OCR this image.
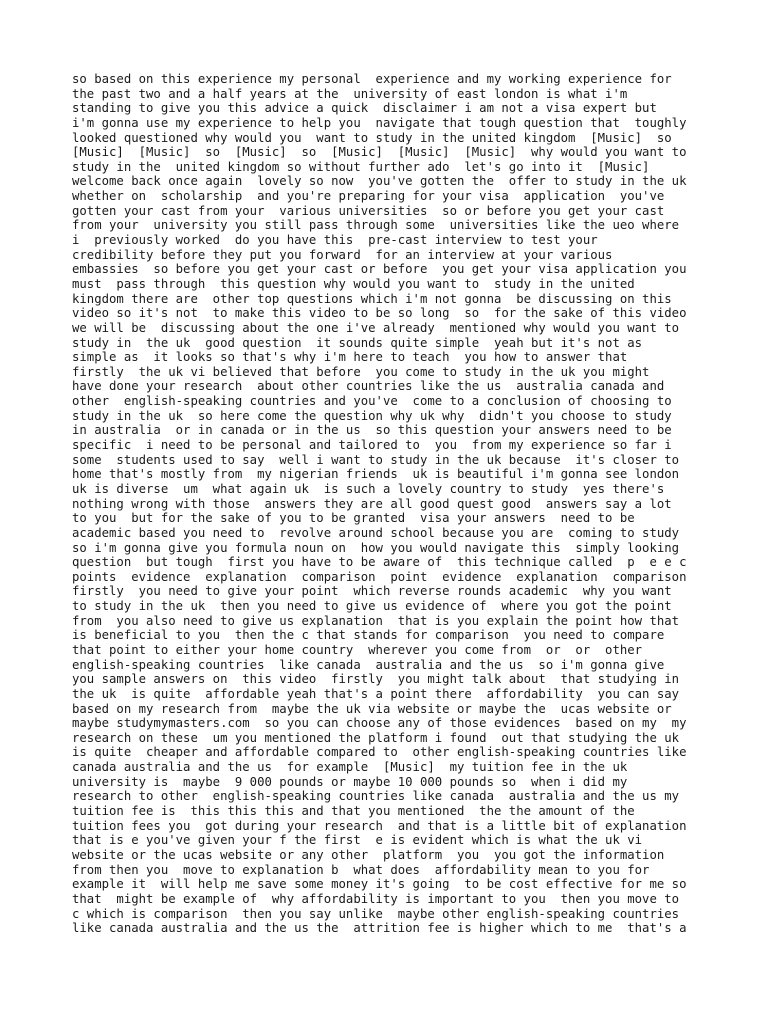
so based on this experience my personal  experience and my working experience for
the past two and a half years at the  university of east london is what i'm
standing to give you this advice a quick  disclaimer i am not a visa expert but
i'm gonna use my experience to help you  navigate that tough question that  toughly
looked questioned why would you  want to study in the united kingdom  [Music]  so
[Music]  [Music]  so  [Music]  so  [Music]  [Music]  [Music]  why would you want to
study in the  united kingdom so without further ado  let's go into it  [Music]
welcome back once again  lovely so now  you've gotten the  offer to study in the uk
whether on  scholarship  and you're preparing for your visa  application  you've
gotten your cast from your  various universities  so or before you get your cast
from your  university you still pass through some  universities like the ueo where
i  previously worked  do you have this  pre-cast interview to test your
credibility before they put you forward  for an interview at your various
embassies  so before you get your cast or before  you get your visa application you
must  pass through  this question why would you want to  study in the united
kingdom there are  other top questions which i'm not gonna  be discussing on this
video so it's not  to make this video to be so long  so  for the sake of this video
we will be  discussing about the one i've already  mentioned why would you want to
study in  the uk  good question  it sounds quite simple  yeah but it's not as
simple as  it looks so that's why i'm here to teach  you how to answer that
firstly  the uk vi believed that before  you come to study in the uk you might
have done your research  about other countries like the us  australia canada and
other  english-speaking countries and you've  come to a conclusion of choosing to
study in the uk  so here come the question why uk why  didn't you choose to study
in australia  or in canada or in the us  so this question your answers need to be
specific  i need to be personal and tailored to  you  from my experience so far i
some  students used to say  well i want to study in the uk because  it's closer to
home that's mostly from  my nigerian friends  uk is beautiful i'm gonna see london
uk is diverse  um  what again uk  is such a lovely country to study  yes there's
nothing wrong with those  answers they are all good quest good  answers say a lot
to you  but for the sake of you to be granted  visa your answers  need to be
academic based you need to  revolve around school because you are  coming to study
so i'm gonna give you formula noun on  how you would navigate this  simply looking
question  but tough  first you have to be aware of  this technique called  p  e e c
points  evidence  explanation  comparison  point  evidence  explanation  comparison
firstly  you need to give your point  which reverse rounds academic  why you want
to study in the uk  then you need to give us evidence of  where you got the point
from  you also need to give us explanation  that is you explain the point how that
is beneficial to you  then the c that stands for comparison  you need to compare
that point to either your home country  wherever you come from  or  or  other
english-speaking countries  like canada  australia and the us  so i'm gonna give
you sample answers on  this video  firstly  you might talk about  that studying in
the uk  is quite  affordable yeah that's a point there  affordability  you can say
based on my research from  maybe the uk via website or maybe the  ucas website or
maybe studymymasters.com  so you can choose any of those evidences  based on my  my
research on these  um you mentioned the platform i found  out that studying the uk
is quite  cheaper and affordable compared to  other english-speaking countries like
canada australia and the us  for example  [Music]  my tuition fee in the uk
university is  maybe  9 000 pounds or maybe 10 000 pounds so  when i did my
research to other  english-speaking countries like canada  australia and the us my
tuition fee is  this this this and that you mentioned  the the amount of the
tuition fees you  got during your research  and that is a little bit of explanation
that is e you've given your f the first  e is evident which is what the uk vi
website or the ucas website or any other  platform  you  you got the information
from then you  move to explanation b  what does  affordability mean to you for
example it  will help me save some money it's going  to be cost effective for me so
that  might be example of  why affordability is important to you  then you move to
c which is comparison  then you say unlike  maybe other english-speaking countries
like canada australia and the us the  attrition fee is higher which to me  that's a
